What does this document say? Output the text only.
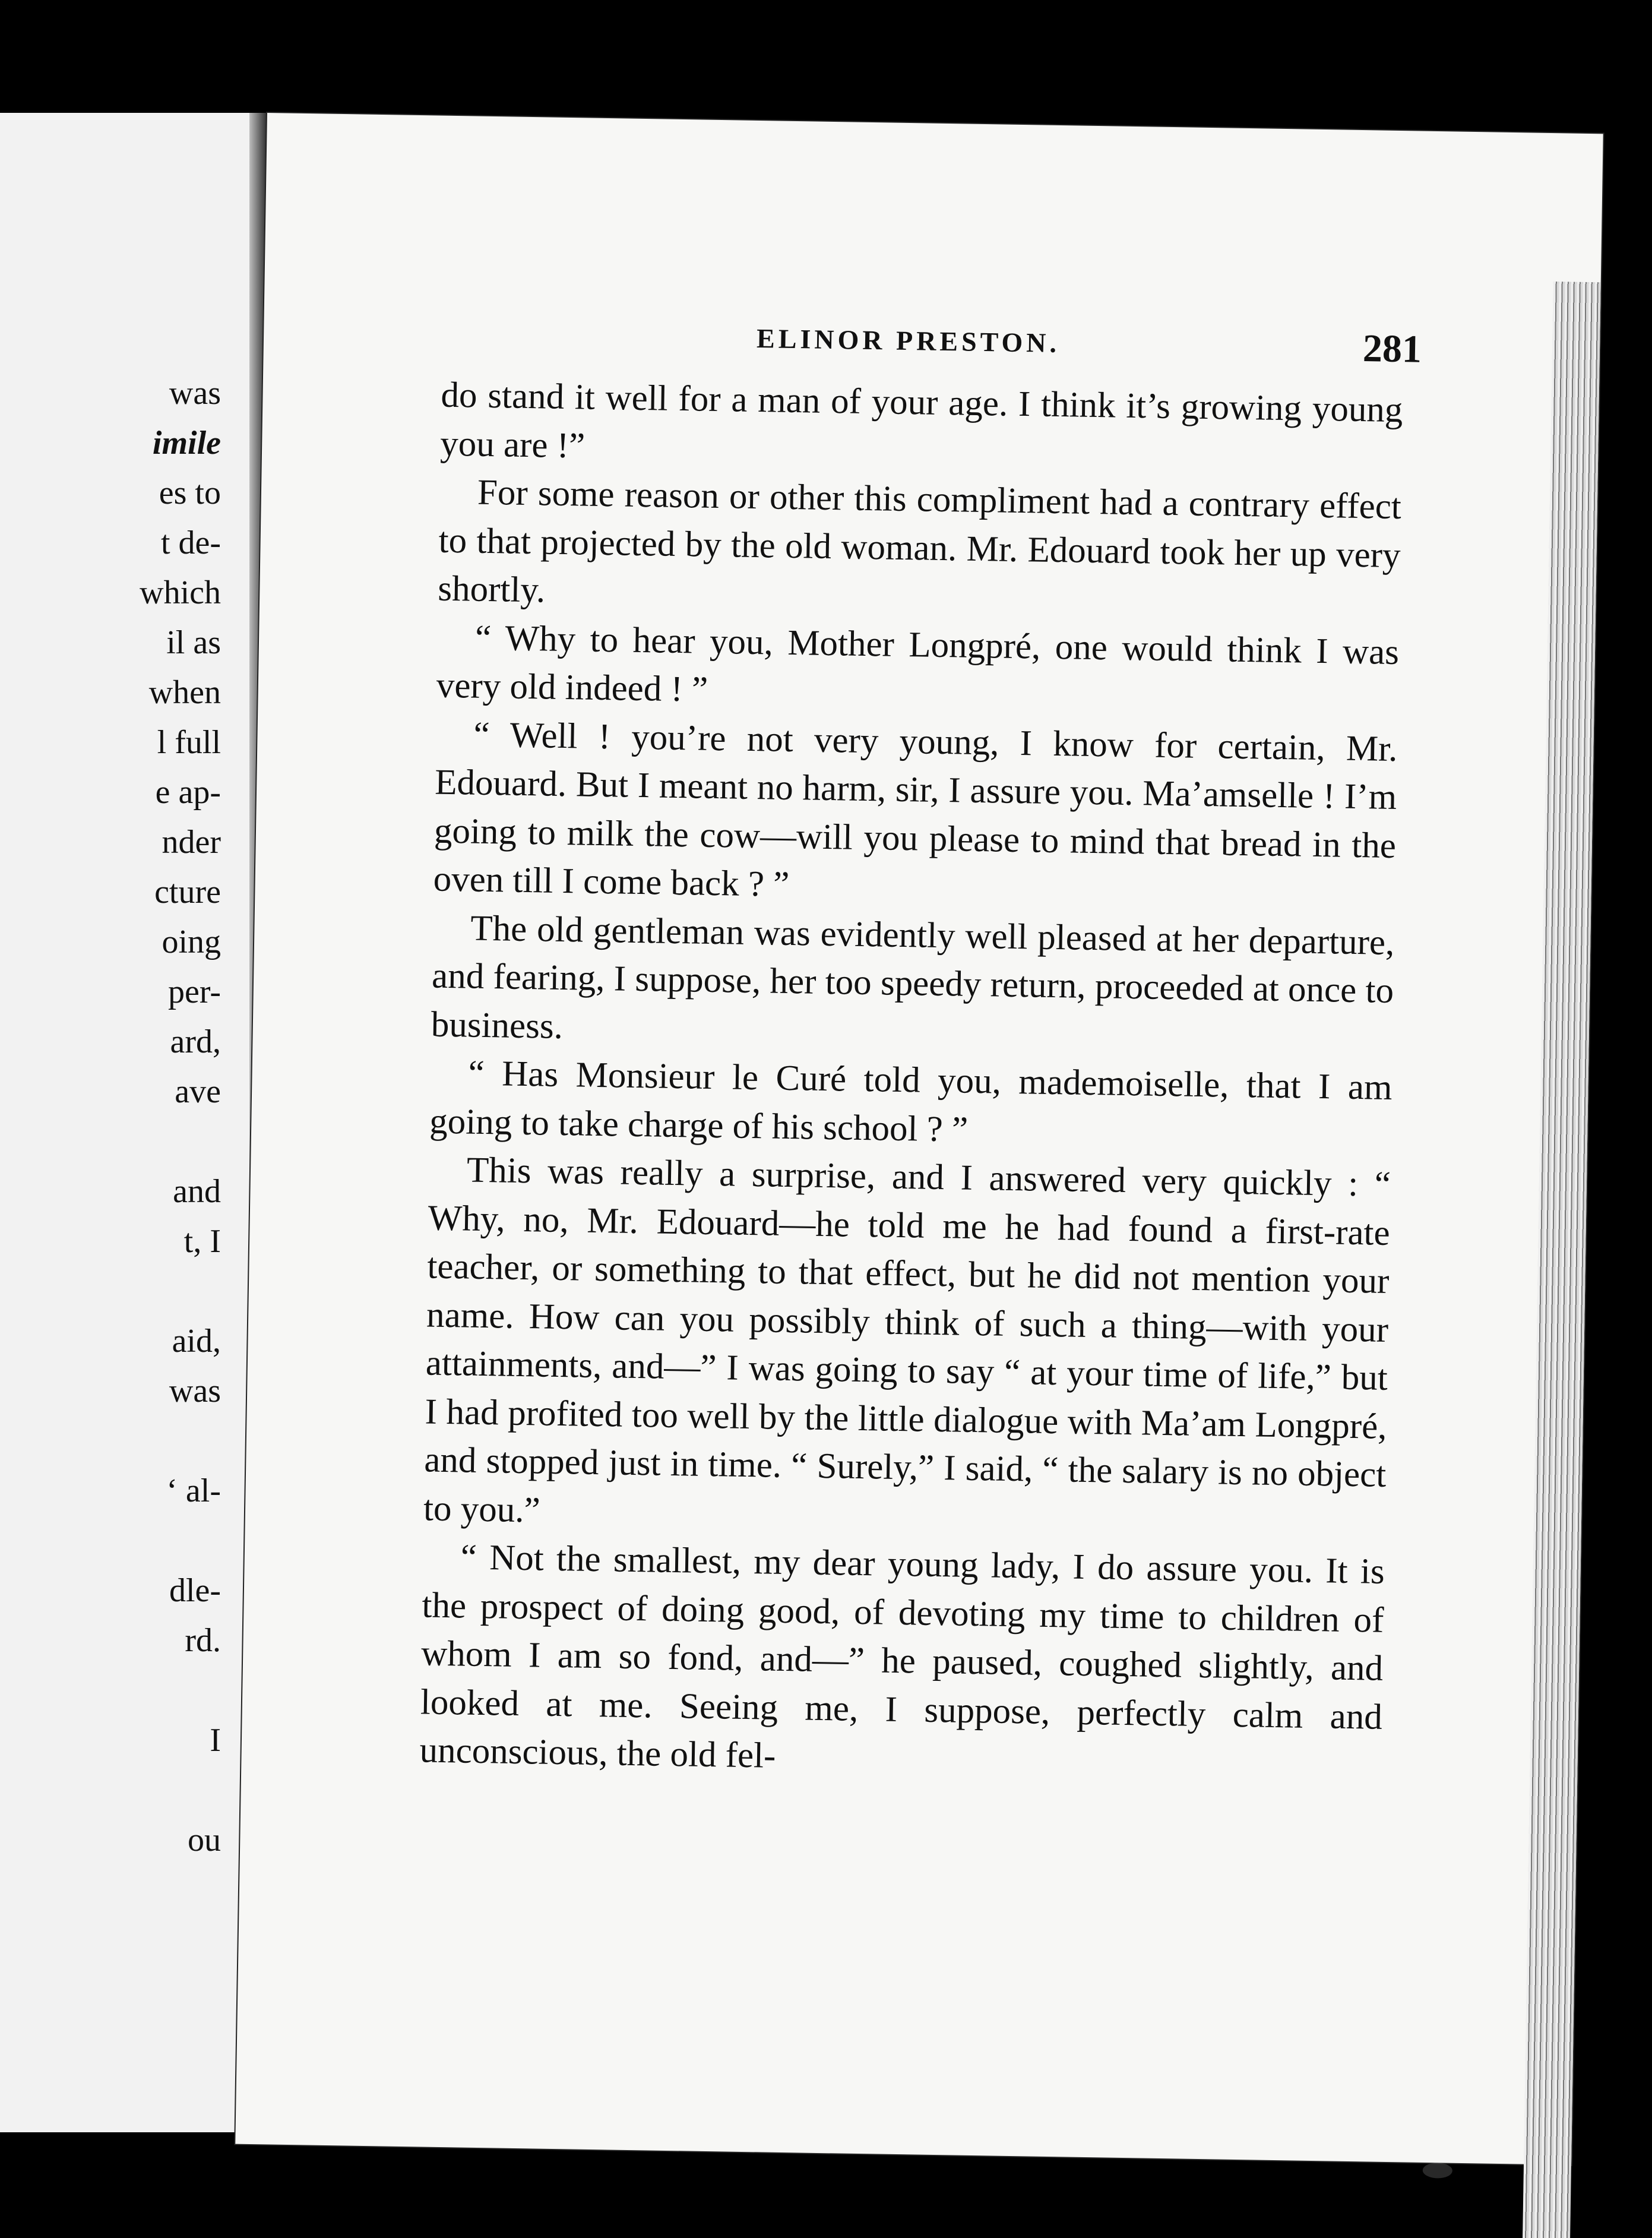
was
imile
es to
t de-
which
il as
when
l full
e ap-
nder
cture
oing
per-
ard,
ave
and
t, I
aid,
was
‘ al-
dle-
rd.
I
ou
ELINOR PRESTON.	281

do stand it well for a man of your age. I think it’s growing young you are !”

For some reason or other this compliment had a contrary effect to that projected by the old woman. Mr. Edouard took her up very shortly.

“ Why to hear you, Mother Longpré, one would think I was very old indeed ! ”

“ Well ! you’re not very young, I know for certain, Mr. Edouard. But I meant no harm, sir, I assure you. Ma’amselle ! I’m going to milk the cow—will you please to mind that bread in the oven till I come back ? ”

The old gentleman was evidently well pleased at her departure, and fearing, I suppose, her too speedy return, proceeded at once to business.

“ Has Monsieur le Curé told you, mademoiselle, that I am going to take charge of his school ? ”

This was really a surprise, and I answered very quickly : “ Why, no, Mr. Edouard—he told me he had found a first-rate teacher, or something to that effect, but he did not mention your name. How can you possibly think of such a thing—with your attainments, and—” I was going to say “ at your time of life,” but I had profited too well by the little dialogue with Ma’am Longpré, and stopped just in time. “ Surely,” I said, “ the salary is no object to you.”

“ Not the smallest, my dear young lady, I do assure you. It is the prospect of doing good, of devoting my time to children of whom I am so fond, and—” he paused, coughed slightly, and looked at me. Seeing me, I suppose, perfectly calm and unconscious, the old fel-
